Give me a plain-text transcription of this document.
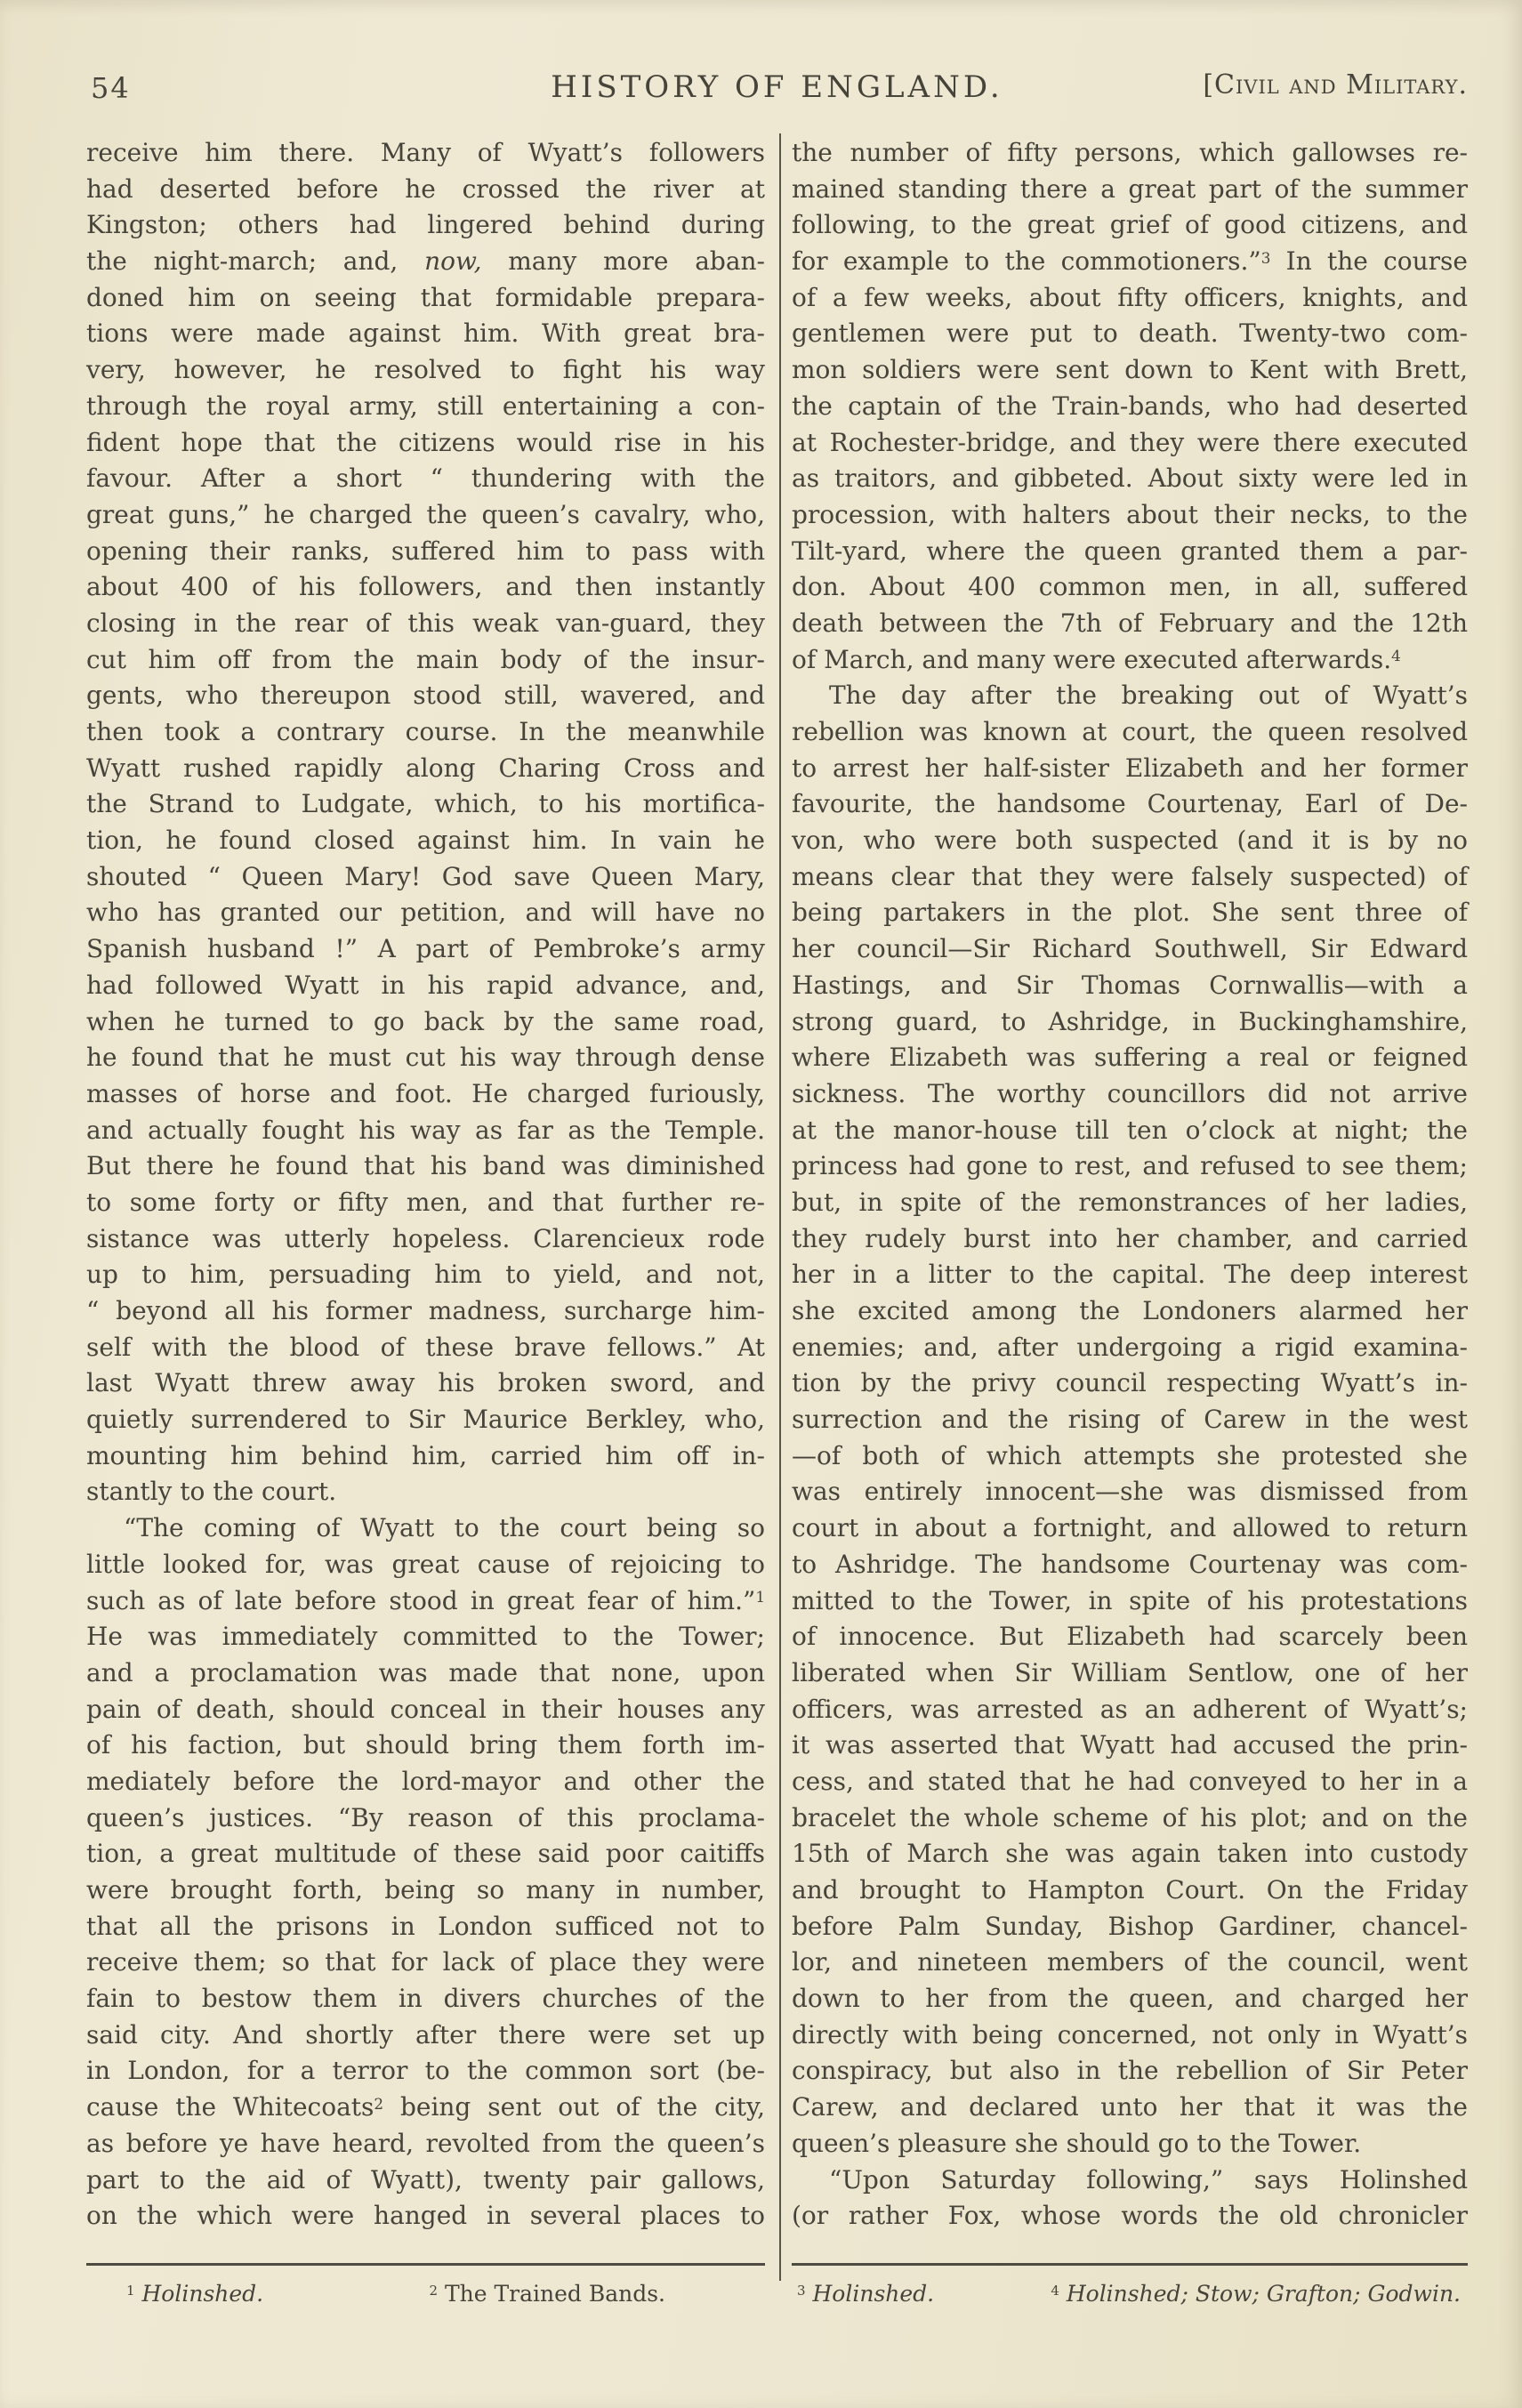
54	HISTORY OF ENGLAND.	[Civil and Military.
receive him there. Many of Wyatt’s followers
had deserted before he crossed the river at
Kingston; others had lingered behind during
the night-march; and, now, many more aban-
doned him on seeing that formidable prepara-
tions were made against him. With great bra-
very, however, he resolved to fight his way
through the royal army, still entertaining a con-
fident hope that the citizens would rise in his
favour. After a short “ thundering with the
great guns,” he charged the queen’s cavalry, who,
opening their ranks, suffered him to pass with
about 400 of his followers, and then instantly
closing in the rear of this weak van-guard, they
cut him off from the main body of the insur-
gents, who thereupon stood still, wavered, and
then took a contrary course. In the meanwhile
Wyatt rushed rapidly along Charing Cross and
the Strand to Ludgate, which, to his mortifica-
tion, he found closed against him. In vain he
shouted “ Queen Mary! God save Queen Mary,
who has granted our petition, and will have no
Spanish husband !” A part of Pembroke’s army
had followed Wyatt in his rapid advance, and,
when he turned to go back by the same road,
he found that he must cut his way through dense
masses of horse and foot. He charged furiously,
and actually fought his way as far as the Temple.
But there he found that his band was diminished
to some forty or fifty men, and that further re-
sistance was utterly hopeless. Clarencieux rode
up to him, persuading him to yield, and not,
“ beyond all his former madness, surcharge him-
self with the blood of these brave fellows.” At
last Wyatt threw away his broken sword, and
quietly surrendered to Sir Maurice Berkley, who,
mounting him behind him, carried him off in-
stantly to the court.
“The coming of Wyatt to the court being so
little looked for, was great cause of rejoicing to
such as of late before stood in great fear of him.”$^1$
He was immediately committed to the Tower;
and a proclamation was made that none, upon
pain of death, should conceal in their houses any
of his faction, but should bring them forth im-
mediately before the lord-mayor and other the
queen’s justices. “By reason of this proclama-
tion, a great multitude of these said poor caitiffs
were brought forth, being so many in number,
that all the prisons in London sufficed not to
receive them; so that for lack of place they were
fain to bestow them in divers churches of the
said city. And shortly after there were set up
in London, for a terror to the common sort (be-
cause the Whitecoats$^2$ being sent out of the city,
as before ye have heard, revolted from the queen’s
part to the aid of Wyatt), twenty pair gallows,
on the which were hanged in several places to
the number of fifty persons, which gallowses re-
mained standing there a great part of the summer
following, to the great grief of good citizens, and
for example to the commotioners.”$^3$ In the course
of a few weeks, about fifty officers, knights, and
gentlemen were put to death. Twenty-two com-
mon soldiers were sent down to Kent with Brett,
the captain of the Train-bands, who had deserted
at Rochester-bridge, and they were there executed
as traitors, and gibbeted. About sixty were led in
procession, with halters about their necks, to the
Tilt-yard, where the queen granted them a par-
don. About 400 common men, in all, suffered
death between the 7th of February and the 12th
of March, and many were executed afterwards.$^4$
The day after the breaking out of Wyatt’s
rebellion was known at court, the queen resolved
to arrest her half-sister Elizabeth and her former
favourite, the handsome Courtenay, Earl of De-
von, who were both suspected (and it is by no
means clear that they were falsely suspected) of
being partakers in the plot. She sent three of
her council—Sir Richard Southwell, Sir Edward
Hastings, and Sir Thomas Cornwallis—with a
strong guard, to Ashridge, in Buckinghamshire,
where Elizabeth was suffering a real or feigned
sickness. The worthy councillors did not arrive
at the manor-house till ten o’clock at night; the
princess had gone to rest, and refused to see them;
but, in spite of the remonstrances of her ladies,
they rudely burst into her chamber, and carried
her in a litter to the capital. The deep interest
she excited among the Londoners alarmed her
enemies; and, after undergoing a rigid examina-
tion by the privy council respecting Wyatt’s in-
surrection and the rising of Carew in the west
—of both of which attempts she protested she
was entirely innocent—she was dismissed from
court in about a fortnight, and allowed to return
to Ashridge. The handsome Courtenay was com-
mitted to the Tower, in spite of his protestations
of innocence. But Elizabeth had scarcely been
liberated when Sir William Sentlow, one of her
officers, was arrested as an adherent of Wyatt’s;
it was asserted that Wyatt had accused the prin-
cess, and stated that he had conveyed to her in a
bracelet the whole scheme of his plot; and on the
15th of March she was again taken into custody
and brought to Hampton Court. On the Friday
before Palm Sunday, Bishop Gardiner, chancel-
lor, and nineteen members of the council, went
down to her from the queen, and charged her
directly with being concerned, not only in Wyatt’s
conspiracy, but also in the rebellion of Sir Peter
Carew, and declared unto her that it was the
queen’s pleasure she should go to the Tower.
“Upon Saturday following,” says Holinshed
(or rather Fox, whose words the old chronicler
$^1$ Holinshed.	$^2$ The Trained Bands.	$^3$ Holinshed.	$^4$ Holinshed; Stow; Grafton; Godwin.
